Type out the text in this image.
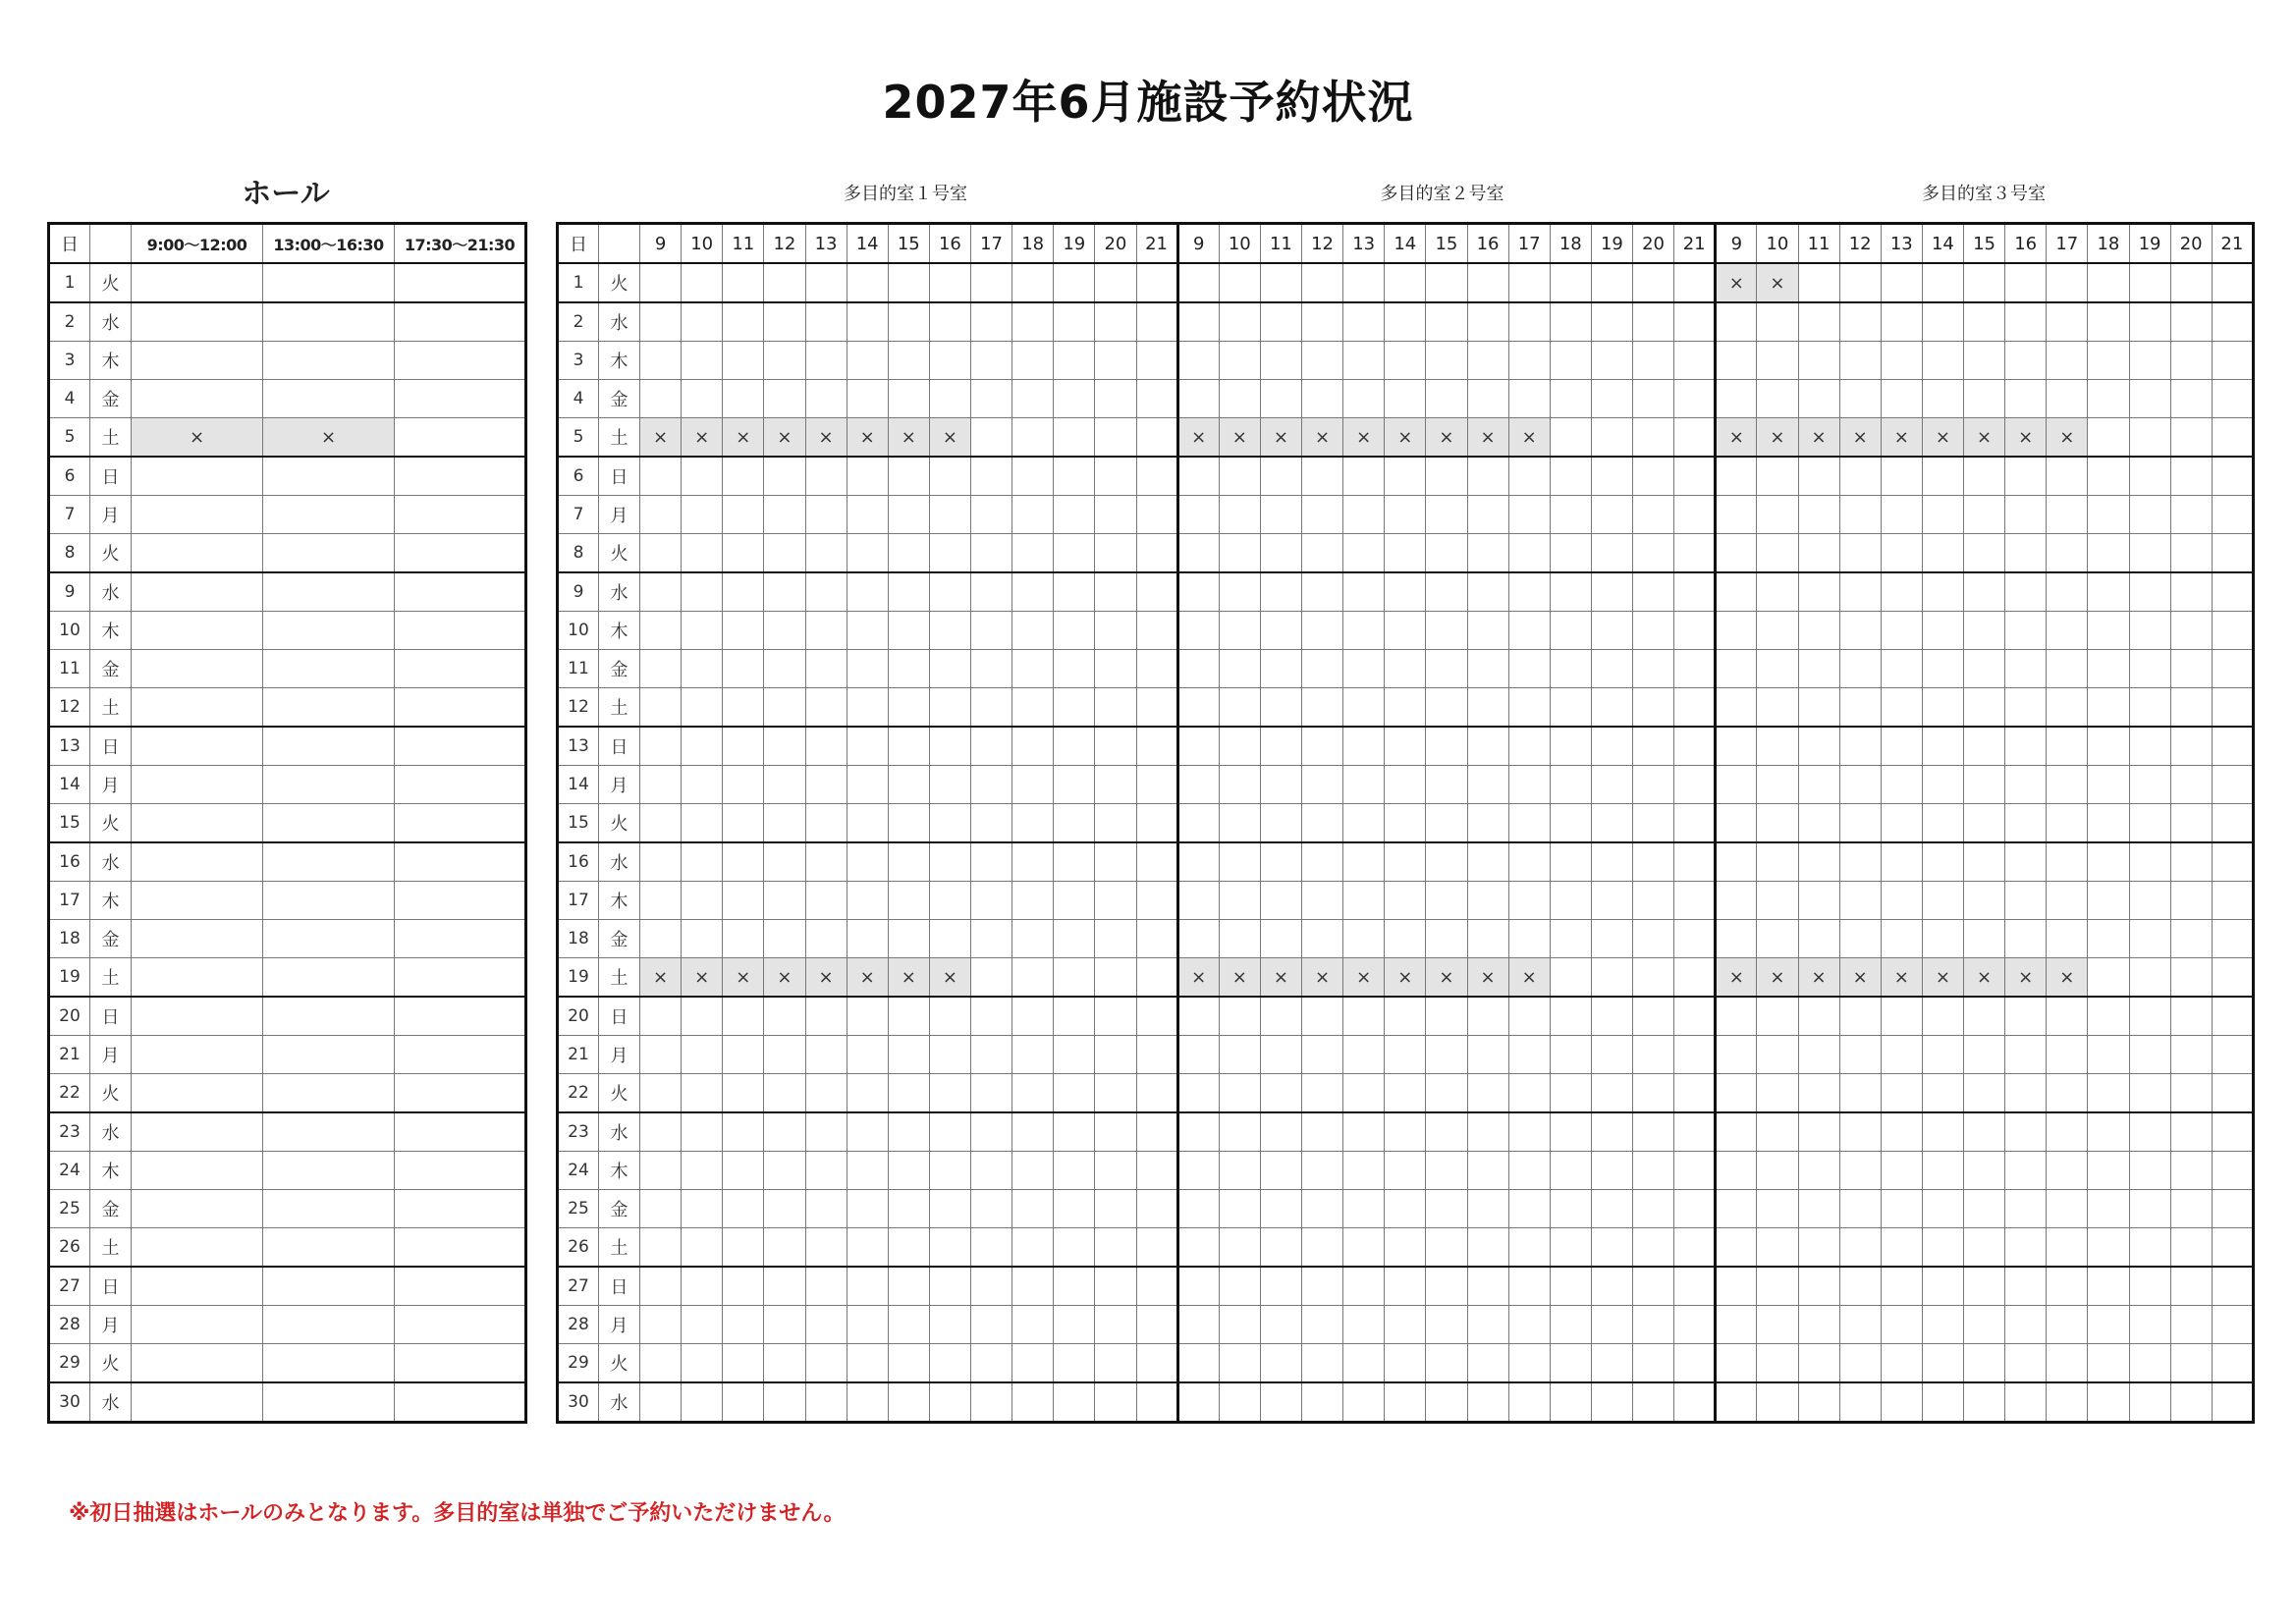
2027年6月施設予約状況
ホール	多目的室１号室	多目的室２号室	多目的室３号室
日		9:00～12:00	13:00～16:30	17:30～21:30
1	火			
2	水			
3	木			
4	金			
5	土	×	×	
6	日			
7	月			
8	火			
9	水			
10	木			
11	金			
12	土			
13	日			
14	月			
15	火			
16	水			
17	木			
18	金			
19	土			
20	日			
21	月			
22	火			
23	水			
24	木			
25	金			
26	土			
27	日			
28	月			
29	火			
30	水			
日		9	10	11	12	13	14	15	16	17	18	19	20	21	9	10	11	12	13	14	15	16	17	18	19	20	21	9	10	11	12	13	14	15	16	17	18	19	20	21
1	火																											×	×											
2	水																																							
3	木																																							
4	金																																							
5	土	×	×	×	×	×	×	×	×						×	×	×	×	×	×	×	×	×					×	×	×	×	×	×	×	×	×				
6	日																																							
7	月																																							
8	火																																							
9	水																																							
10	木																																							
11	金																																							
12	土																																							
13	日																																							
14	月																																							
15	火																																							
16	水																																							
17	木																																							
18	金																																							
19	土	×	×	×	×	×	×	×	×						×	×	×	×	×	×	×	×	×					×	×	×	×	×	×	×	×	×				
20	日																																							
21	月																																							
22	火																																							
23	水																																							
24	木																																							
25	金																																							
26	土																																							
27	日																																							
28	月																																							
29	火																																							
30	水																																							
※初日抽選はホールのみとなります。多目的室は単独でご予約いただけません。
